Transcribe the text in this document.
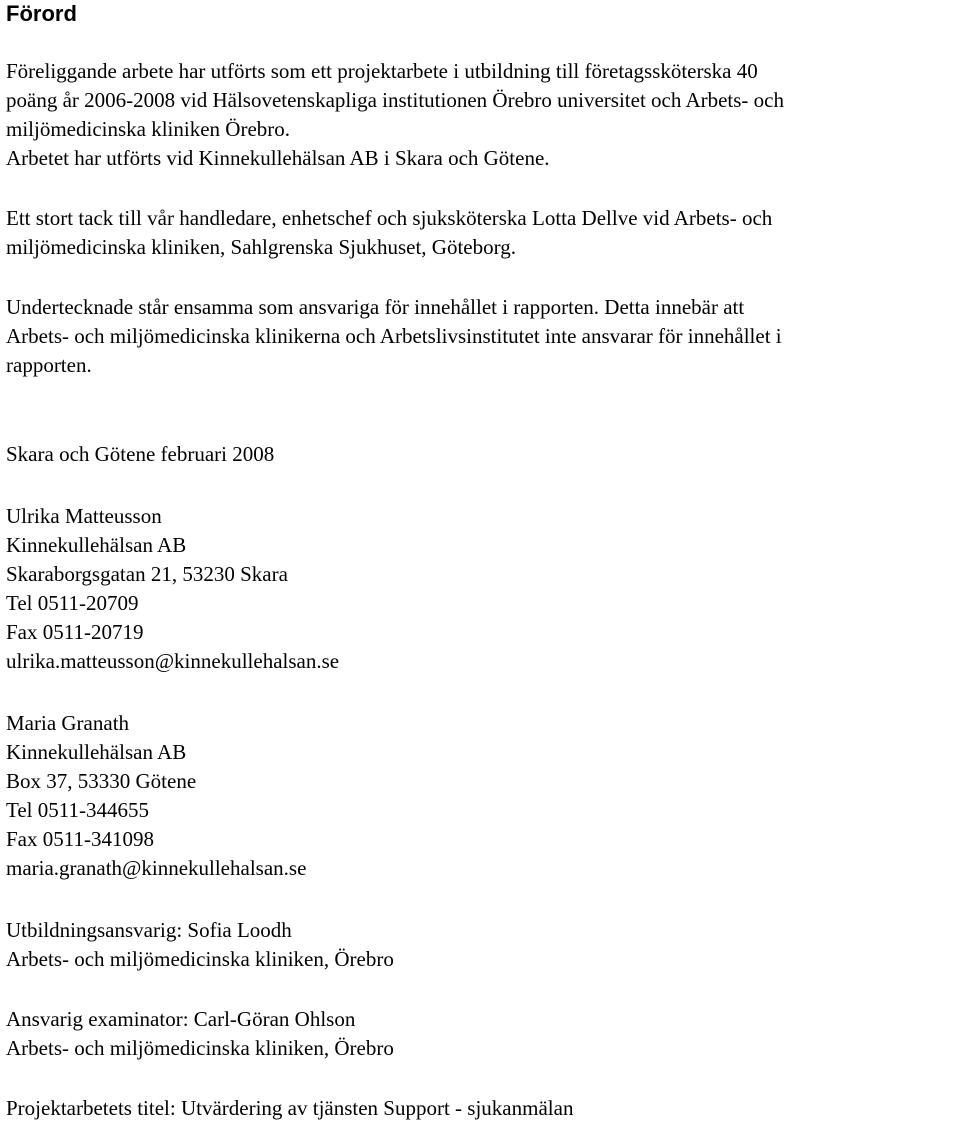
Förord

Föreliggande arbete har utförts som ett projektarbete i utbildning till företagssköterska 40
poäng år 2006-2008 vid Hälsovetenskapliga institutionen Örebro universitet och Arbets- och
miljömedicinska kliniken Örebro.
Arbetet har utförts vid Kinnekullehälsan AB i Skara och Götene.

Ett stort tack till vår handledare, enhetschef och sjuksköterska Lotta Dellve vid Arbets- och
miljömedicinska kliniken, Sahlgrenska Sjukhuset, Göteborg.

Undertecknade står ensamma som ansvariga för innehållet i rapporten. Detta innebär att
Arbets- och miljömedicinska klinikerna och Arbetslivsinstitutet inte ansvarar för innehållet i
rapporten.

Skara och Götene februari 2008

Ulrika Matteusson
Kinnekullehälsan AB
Skaraborgsgatan 21, 53230 Skara
Tel 0511-20709
Fax 0511-20719
ulrika.matteusson@kinnekullehalsan.se
Maria Granath
Kinnekullehälsan AB
Box 37, 53330 Götene
Tel 0511-344655
Fax 0511-341098
maria.granath@kinnekullehalsan.se
Utbildningsansvarig: Sofia Loodh
Arbets- och miljömedicinska kliniken, Örebro
Ansvarig examinator: Carl-Göran Ohlson
Arbets- och miljömedicinska kliniken, Örebro

Projektarbetets titel: Utvärdering av tjänsten Support - sjukanmälan
